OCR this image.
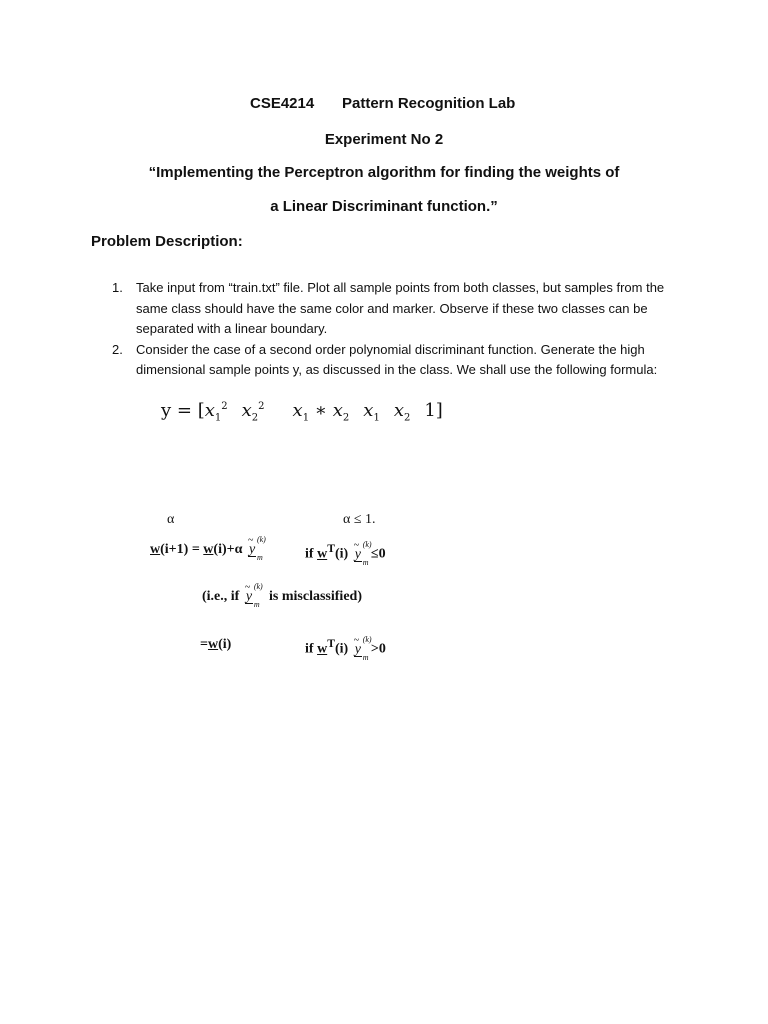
CSE4214 Pattern Recognition Lab
Experiment No 2
“Implementing the Perceptron algorithm for finding the weights of
a Linear Discriminant function.”
Problem Description:
1. Take input from “train.txt” file. Plot all sample points from both classes, but samples from the same class should have the same color and marker. Observe if these two classes can be separated with a linear boundary.
2. Consider the case of a second order polynomial discriminant function. Generate the high dimensional sample points y, as discussed in the class. We shall use the following formula:
$y = [x_1^2$ $x_2^2$ $x_1$ ∗ $x_2$ $x_1$ $x_2$ 1]
α	α ≤ 1.
w(i+1) = w(i)+α
~
y
(k)
m	if $w^T(i)$
~
y
(k)
m
≤0
(i.e., if
~
y
(k)
m
is misclassified)
=w(i)	if $w^T(i)$
~
y
(k)
m
>0
